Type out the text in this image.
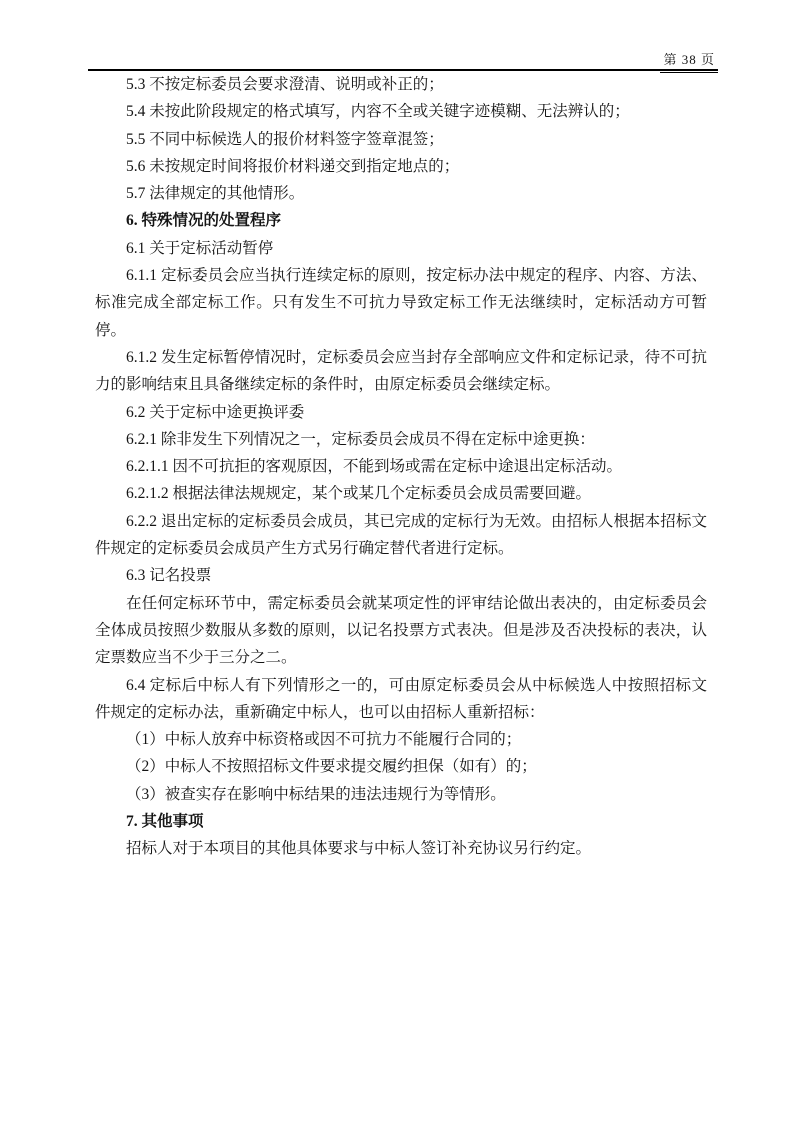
第 38 页

5.3 不按定标委员会要求澄清、说明或补正的；

5.4 未按此阶段规定的格式填写，内容不全或关键字迹模糊、无法辨认的；

5.5 不同中标候选人的报价材料签字签章混签；

5.6 未按规定时间将报价材料递交到指定地点的；

5.7 法律规定的其他情形。

6. 特殊情况的处置程序

6.1 关于定标活动暂停

6.1.1 定标委员会应当执行连续定标的原则，按定标办法中规定的程序、内容、方法、标准完成全部定标工作。只有发生不可抗力导致定标工作无法继续时，定标活动方可暂停。

6.1.2 发生定标暂停情况时，定标委员会应当封存全部响应文件和定标记录，待不可抗力的影响结束且具备继续定标的条件时，由原定标委员会继续定标。

6.2 关于定标中途更换评委

6.2.1 除非发生下列情况之一，定标委员会成员不得在定标中途更换：

6.2.1.1 因不可抗拒的客观原因，不能到场或需在定标中途退出定标活动。

6.2.1.2 根据法律法规规定，某个或某几个定标委员会成员需要回避。

6.2.2 退出定标的定标委员会成员，其已完成的定标行为无效。由招标人根据本招标文件规定的定标委员会成员产生方式另行确定替代者进行定标。

6.3 记名投票

在任何定标环节中，需定标委员会就某项定性的评审结论做出表决的，由定标委员会全体成员按照少数服从多数的原则，以记名投票方式表决。但是涉及否决投标的表决，认定票数应当不少于三分之二。

6.4 定标后中标人有下列情形之一的，可由原定标委员会从中标候选人中按照招标文件规定的定标办法，重新确定中标人，也可以由招标人重新招标：

（1）中标人放弃中标资格或因不可抗力不能履行合同的；

（2）中标人不按照招标文件要求提交履约担保（如有）的；

（3）被查实存在影响中标结果的违法违规行为等情形。

7. 其他事项

招标人对于本项目的其他具体要求与中标人签订补充协议另行约定。
